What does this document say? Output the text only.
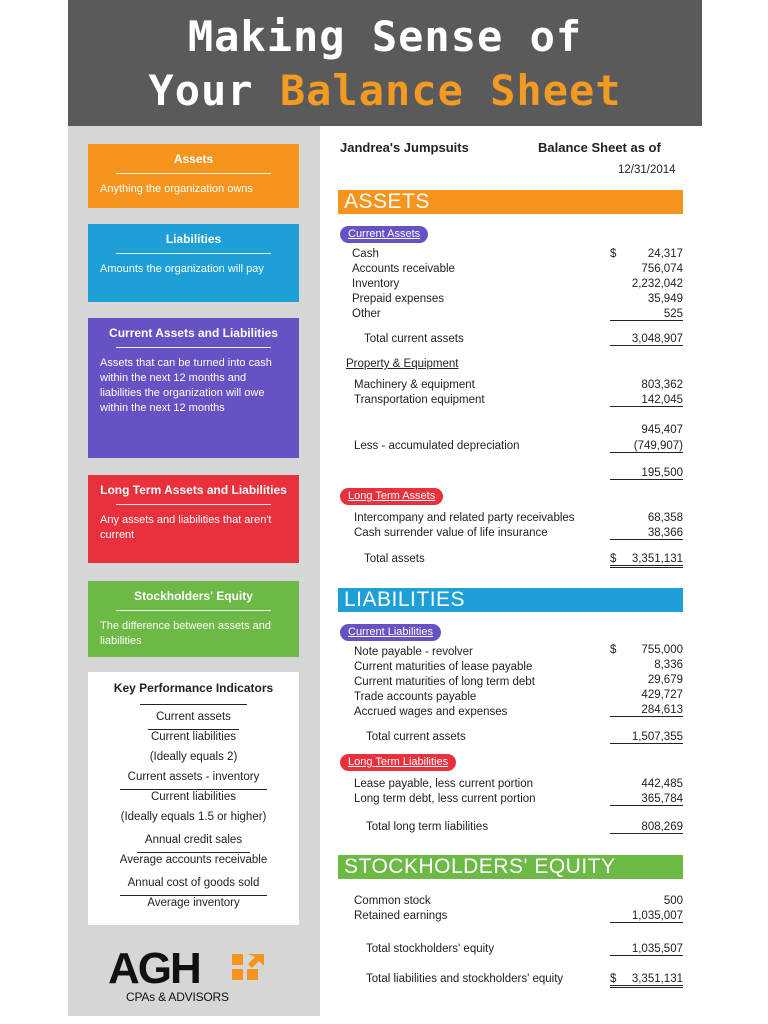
Making Sense of
Your Balance Sheet
Assets
Anything the organization owns
Liabilities
Amounts the organization will pay
Current Assets and Liabilities
Assets that can be turned into cash within the next 12 months and liabilities the organization will owe within the next 12 months
Long Term Assets and Liabilities
Any assets and liabilities that aren't current
Stockholders' Equity
The difference between assets and liabilities
Key Performance Indicators
Current assets
Current liabilities
(Ideally equals 2)
Current assets - inventory
Current liabilities
(Ideally equals 1.5 or higher)
Annual credit sales
Average accounts receivable
Annual cost of goods sold
Average inventory
AGH
CPAs & ADVISORS
Jandrea's Jumpsuits	Balance Sheet as of
12/31/2014
ASSETS
Current Assets
Cash	$	24,317
Accounts receivable	756,074
Inventory	2,232,042
Prepaid expenses	35,949
Other	525
Total current assets	3,048,907
Property & Equipment
Machinery & equipment	803,362
Transportation equipment	142,045
945,407
Less - accumulated depreciation	(749,907)
195,500
Long Term Assets
Intercompany and related party receivables	68,358
Cash surrender value of life insurance	38,366
Total assets	$ 3,351,131
LIABILITIES
Current Liabilities
Note payable - revolver	$	755,000
Current maturities of lease payable	8,336
Current maturities of long term debt	29,679
Trade accounts payable	429,727
Accrued wages and expenses	284,613
Total current assets	1,507,355
Long Term Liabilities
Lease payable, less current portion	442,485
Long term debt, less current portion	365,784
Total long term liabilities	808,269
STOCKHOLDERS' EQUITY
Common stock	500
Retained earnings	1,035,007
Total stockholders' equity	1,035,507
Total liabilities and stockholders' equity	$ 3,351,131
